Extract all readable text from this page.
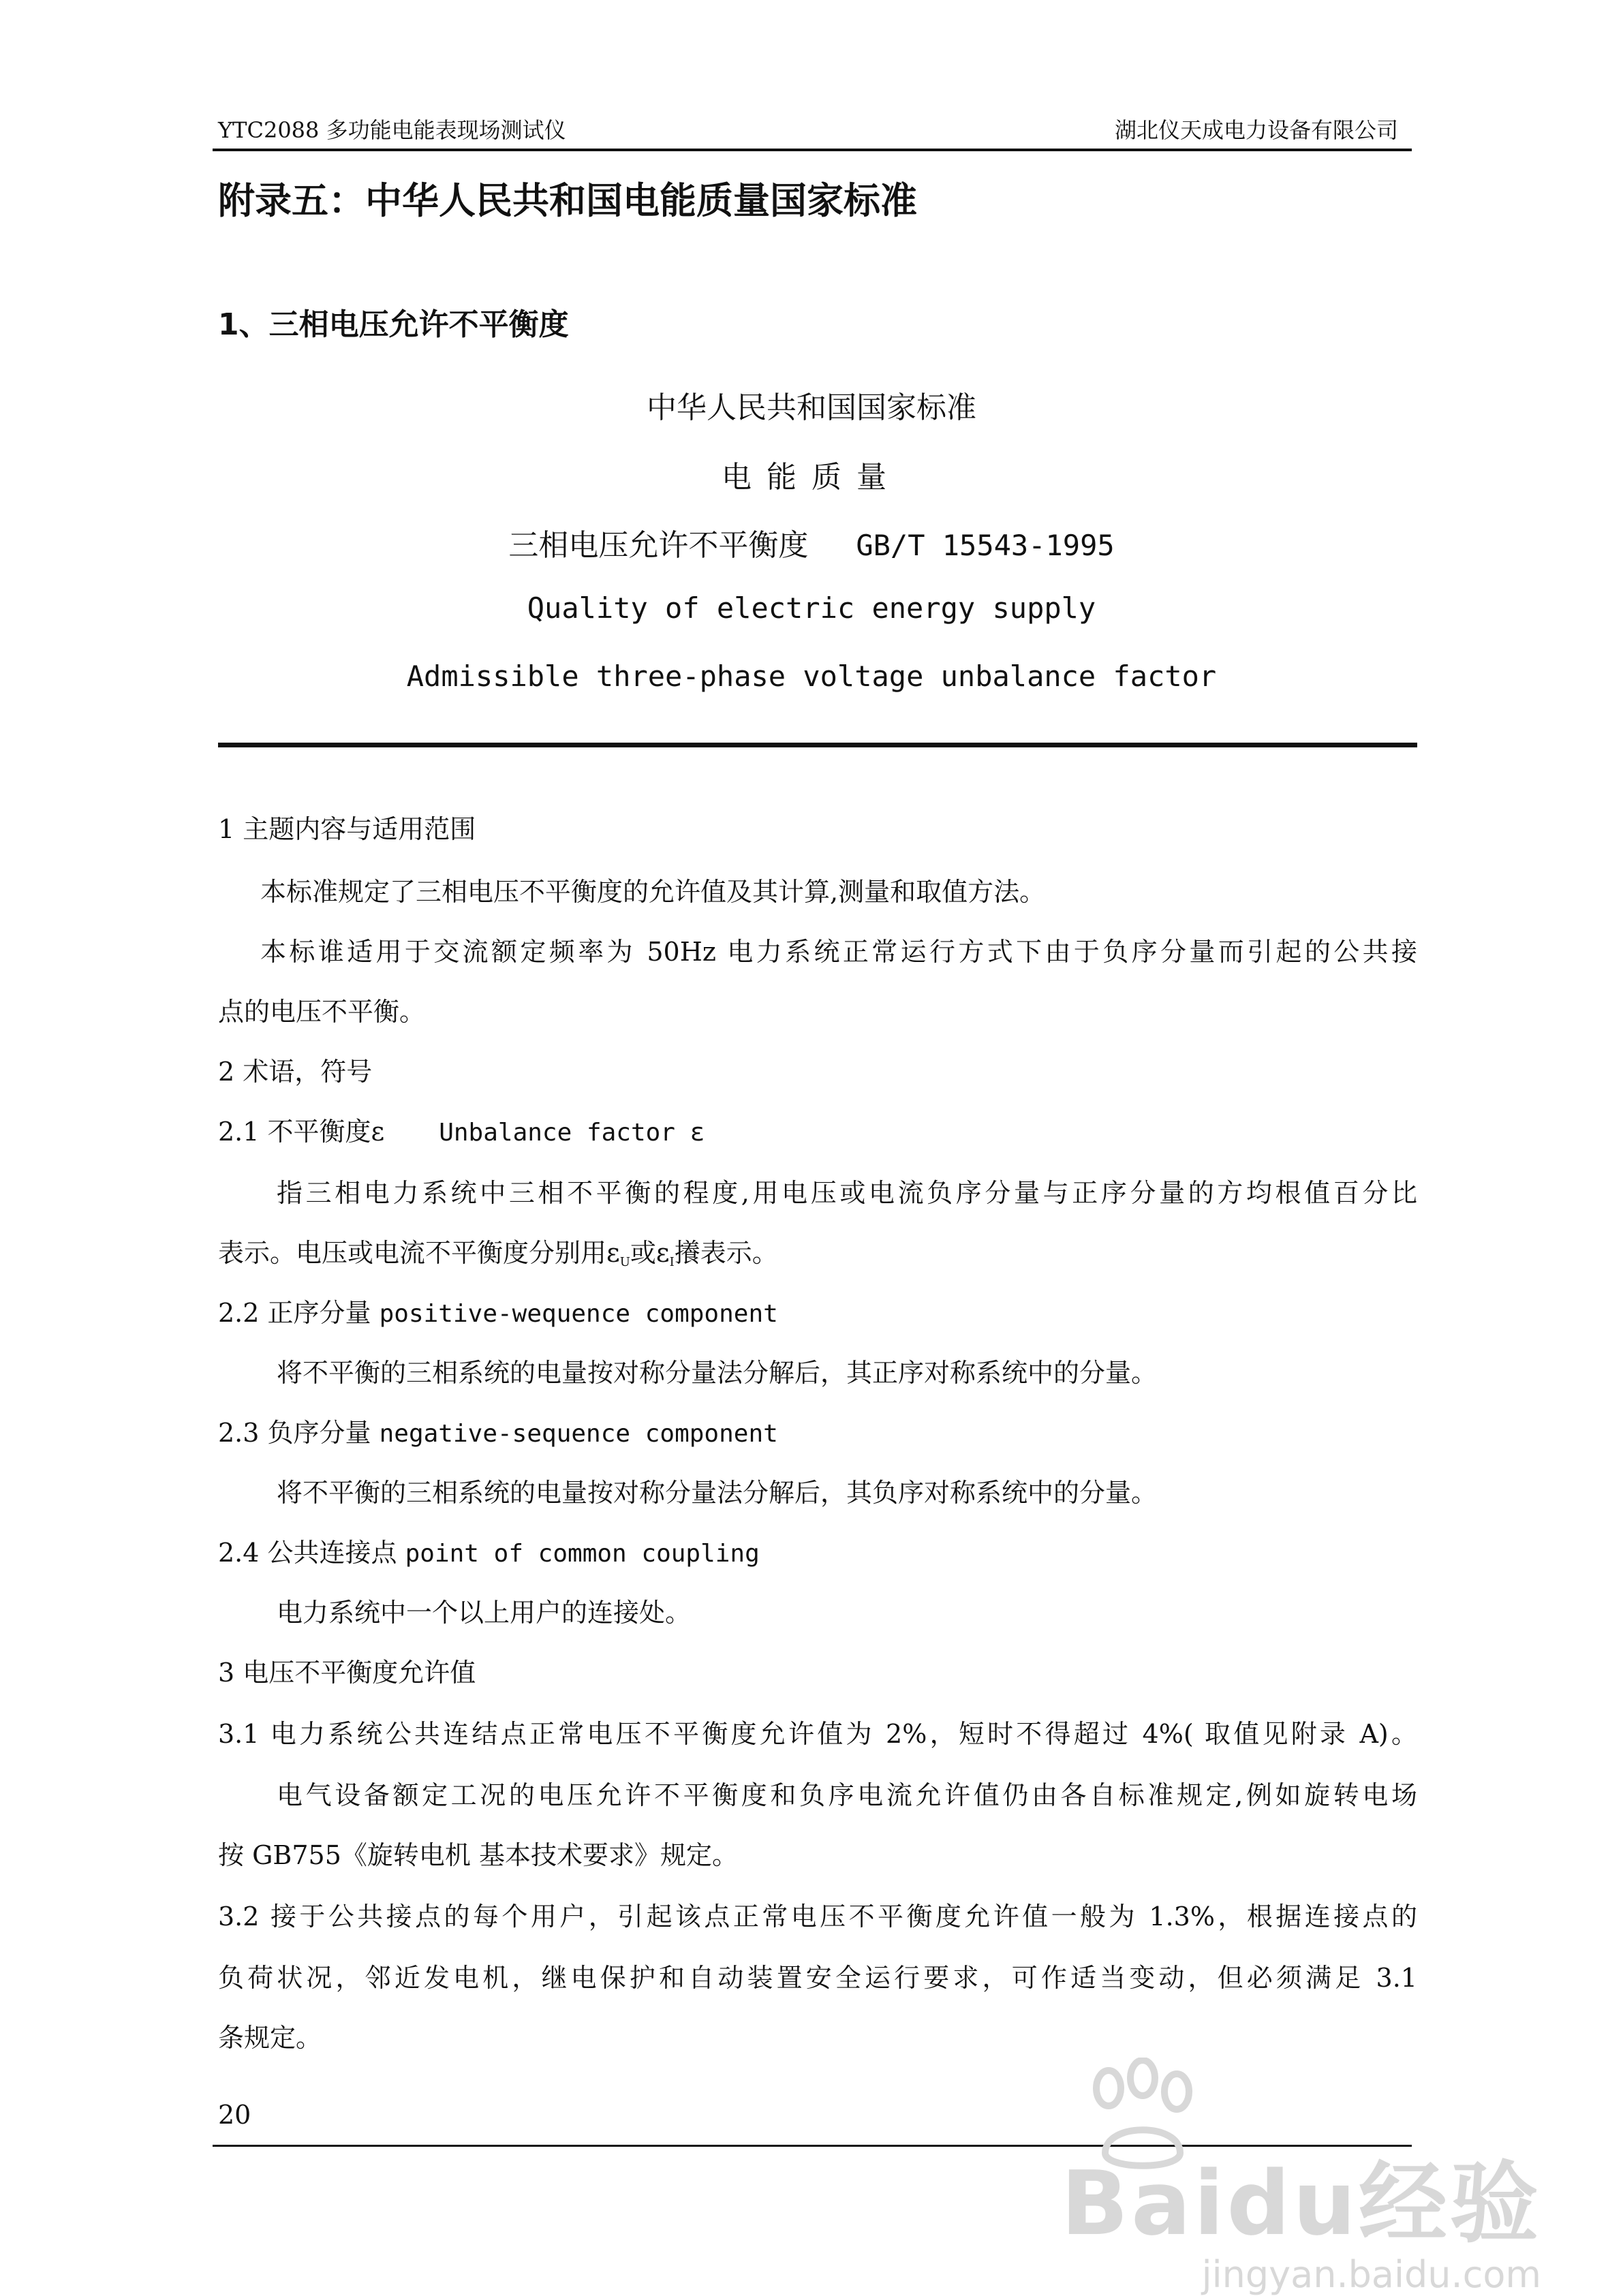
YTC2088 多功能电能表现场测试仪	湖北仪天成电力设备有限公司
附录五：中华人民共和国电能质量国家标准
1、三相电压允许不平衡度
中华人民共和国国家标准
电能质量
三相电压允许不平衡度 GB/T 15543-1995
Quality of electric energy supply
Admissible three-phase voltage unbalance factor
1 主题内容与适用范围
本标准规定了三相电压不平衡度的允许值及其计算,测量和取值方法。
本标谁适用于交流额定频率为 50Hz 电力系统正常运行方式下由于负序分量而引起的公共接
点的电压不平衡。
2 术语，符号
2.1 不平衡度ε Unbalance factor ε
指三相电力系统中三相不平衡的程度,用电压或电流负序分量与正序分量的方均根值百分比
表示。电压或电流不平衡度分别用$\varepsilon_U$或$\varepsilon_I$攁表示。
2.2 正序分量 positive-wequence component
将不平衡的三相系统的电量按对称分量法分解后，其正序对称系统中的分量。
2.3 负序分量 negative-sequence component
将不平衡的三相系统的电量按对称分量法分解后，其负序对称系统中的分量。
2.4 公共连接点 point of common coupling
电力系统中一个以上用户的连接处。
3 电压不平衡度允许值
3.1 电力系统公共连结点正常电压不平衡度允许值为 2%，短时不得超过 4%( 取值见附录 A)。
电气设备额定工况的电压允许不平衡度和负序电流允许值仍由各自标准规定,例如旋转电场
按 GB755《旋转电机 基本技术要求》规定。
3.2 接于公共接点的每个用户，引起该点正常电压不平衡度允许值一般为 1.3%，根据连接点的
负荷状况，邻近发电机，继电保护和自动装置安全运行要求，可作适当变动，但必须满足 3.1
条规定。
20
Baidu经验
jingyan.baidu.com
